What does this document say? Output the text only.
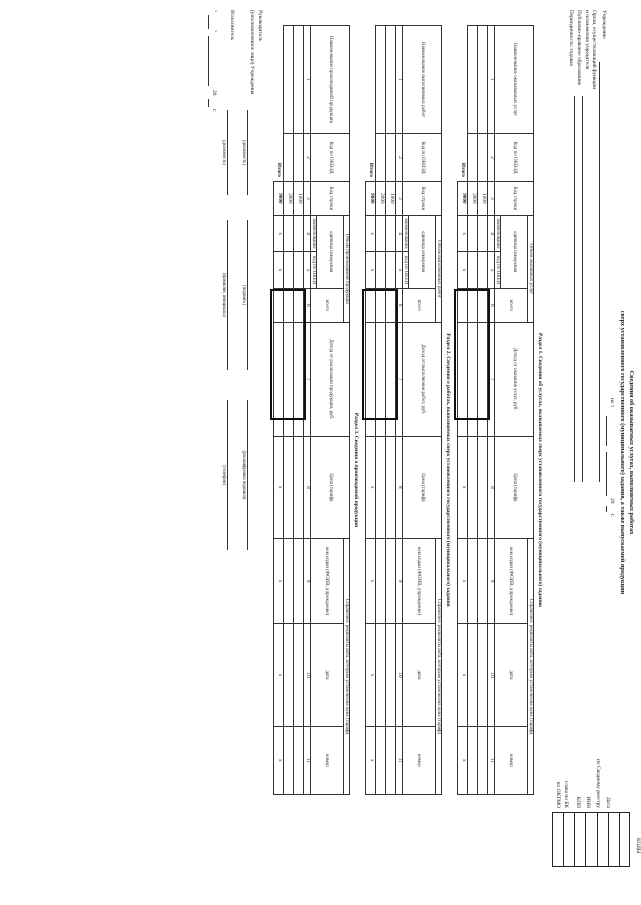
Сведения об оказываемых услугах, выполняемых работах
сверх установленного государственного (муниципального) задания, а также выпускаемой продукции
на 1
20
г.
КОДЫ

Дата
по Сводному реестру
ИНН
КПП
глава по БК
по ОКТМО
Учреждение
Орган, осуществляющий функции
и полномочия учредителя
Публично-правовое образование
Периодичность: годовая
Раздел 1. Сведения об услугах, оказываемых сверх установленного государственного (муниципального) задания
Наименование оказываемых услуг	Код по ОКВЭД	Код строки	Объем оказанных услуг			Доход от оказания услуг, руб.	Цена (тариф)	Справочно: реквизиты акта, которым установлена цена (тариф)		
			единица измерения		всего			кем издан (ФОИВ, учреждение)	дата	номер
			наименование	код по ОКЕИ						
1	2	3	4	5	6	7	8	9	10	11
		1000								
		2000								
Итого		9000	x	x			x	x	x	x
Раздел 2. Сведения о работах, выполняемых сверх установленного государственного (муниципального) задания
Наименование выполняемых работ	Код по ОКВЭД	Код строки	Объем выполненных работ			Доход от выполнения работ, руб.	Цена (тариф)	Справочно: реквизиты акта, которым установлена цена (тариф)		
			единица измерения		всего			кем издан (ФОИВ, учреждение)	дата	номер
			наименование	код по ОКЕИ						
1	2	3	4	5	6	7	8	9	10	11
		1000								
		2000								
Итого		9000	x	x			x	x	x	x
Раздел 3. Сведения о производимой продукции
Наименование производимой продукции	Код по ОКВЭД	Код строки	Объем производимой продукции			Доход от реализации продукции, руб.	Цена (тариф)	Справочно: реквизиты акта, которым установлена цена (тариф)		
			единица измерения		всего			кем издан (ФОИВ, учреждение)	дата	номер
			наименование	код по ОКЕИ						
1	2	3	4	5	6	7	8	9	10	11
		1000								
		2000								
Итого		9000	x	x			x	x	x	x
Руководитель
(уполномоченное лицо) Учреждения
(должность)
(подпись)
(расшифровка подписи)
Исполнитель
(должность)
(фамилия, инициалы)
(телефон)
"
"
20
г.
